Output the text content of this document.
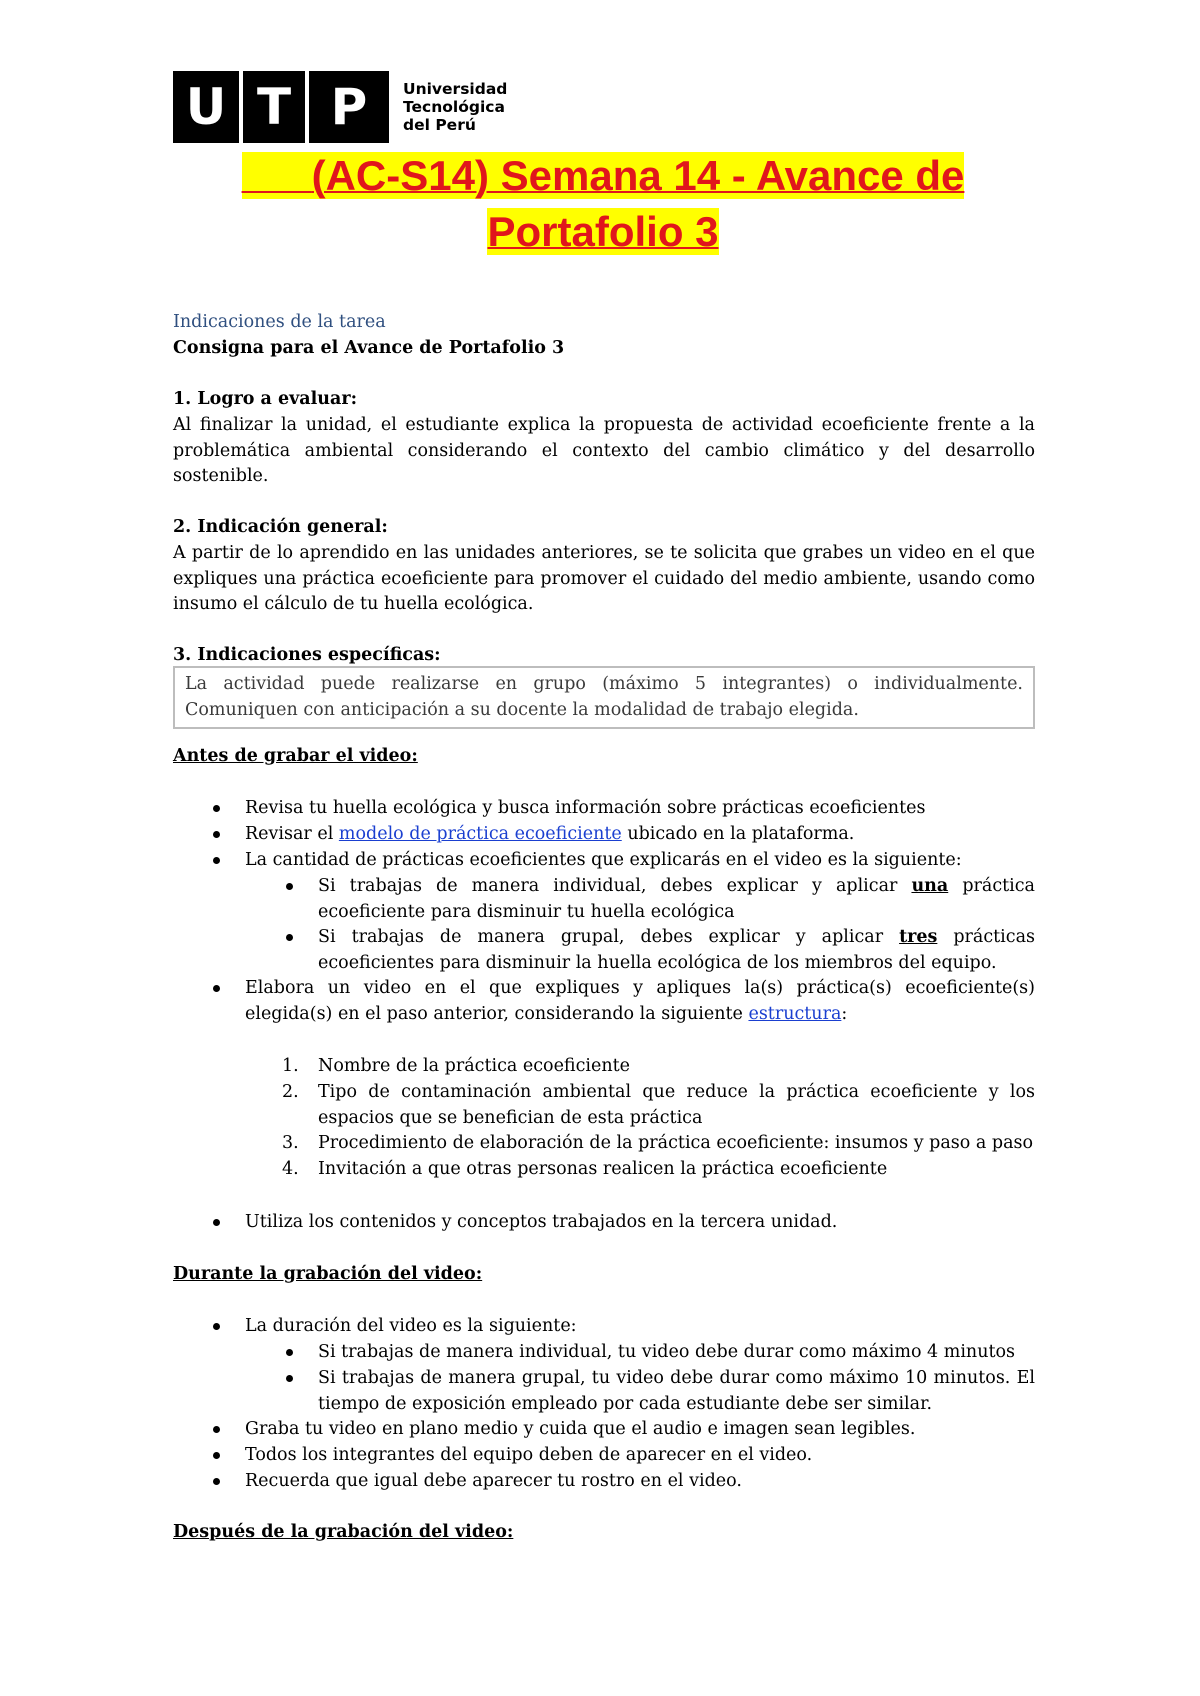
U T P	Universidad
Tecnológica
del Perú
(AC-S14) Semana 14 - Avance de
Portafolio 3
Indicaciones de la tarea
Consigna para el Avance de Portafolio 3
1. Logro a evaluar:
Al finalizar la unidad, el estudiante explica la propuesta de actividad ecoeficiente frente a la problemática ambiental considerando el contexto del cambio climático y del desarrollo sostenible.
2. Indicación general:
A partir de lo aprendido en las unidades anteriores, se te solicita que grabes un video en el que expliques una práctica ecoeficiente para promover el cuidado del medio ambiente, usando como insumo el cálculo de tu huella ecológica.
3. Indicaciones específicas:
La actividad puede realizarse en grupo (máximo 5 integrantes) o individualmente.
Comuniquen con anticipación a su docente la modalidad de trabajo elegida.
Antes de grabar el video:
Revisa tu huella ecológica y busca información sobre prácticas ecoeficientes
Revisar el modelo de práctica ecoeficiente ubicado en la plataforma.
La cantidad de prácticas ecoeficientes que explicarás en el video es la siguiente:
Si trabajas de manera individual, debes explicar y aplicar una práctica ecoeficiente para disminuir tu huella ecológica
Si trabajas de manera grupal, debes explicar y aplicar tres prácticas ecoeficientes para disminuir la huella ecológica de los miembros del equipo.
Elabora un video en el que expliques y apliques la(s) práctica(s) ecoeficiente(s) elegida(s) en el paso anterior, considerando la siguiente estructura:
1. Nombre de la práctica ecoeficiente
2. Tipo de contaminación ambiental que reduce la práctica ecoeficiente y los espacios que se benefician de esta práctica
3. Procedimiento de elaboración de la práctica ecoeficiente: insumos y paso a paso
4. Invitación a que otras personas realicen la práctica ecoeficiente
Utiliza los contenidos y conceptos trabajados en la tercera unidad.
Durante la grabación del video:
La duración del video es la siguiente:
Si trabajas de manera individual, tu video debe durar como máximo 4 minutos
Si trabajas de manera grupal, tu video debe durar como máximo 10 minutos. El tiempo de exposición empleado por cada estudiante debe ser similar.
Graba tu video en plano medio y cuida que el audio e imagen sean legibles.
Todos los integrantes del equipo deben de aparecer en el video.
Recuerda que igual debe aparecer tu rostro en el video.
Después de la grabación del video:
